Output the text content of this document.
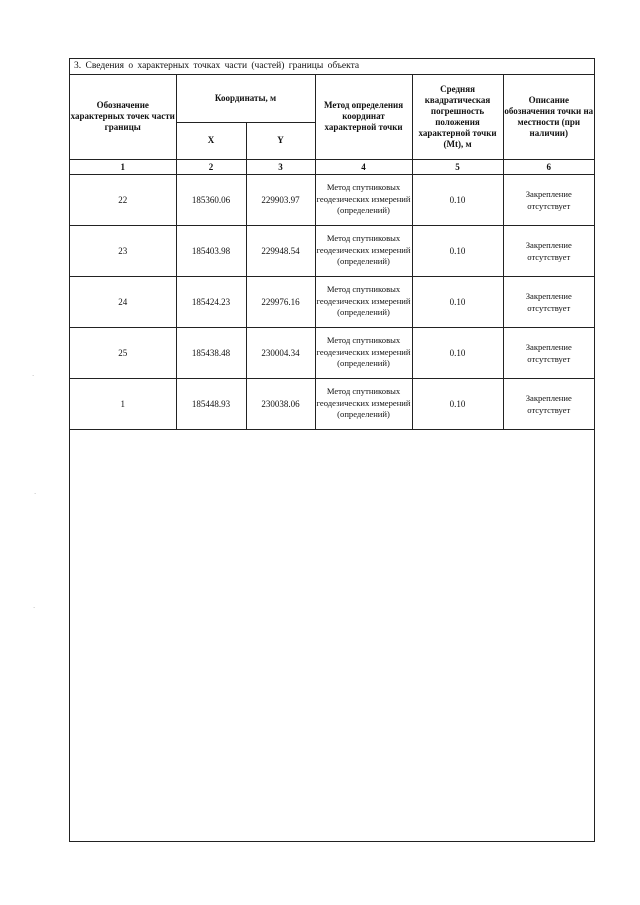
3. Сведения о характерных точках части (частей) границы объекта
Обозначение характерных точек части границы	Координаты, м		Метод определения координат характерной точки	Средняя квадратическая погрешность положения характерной точки (Mt), м	Описание обозначения точки на местности (при наличии)
	X	Y			
1	2	3	4	5	6
22	185360.06	229903.97	Метод спутниковых геодезических измерений (определений)	0.10	Закрепление отсутствует
23	185403.98	229948.54	Метод спутниковых геодезических измерений (определений)	0.10	Закрепление отсутствует
24	185424.23	229976.16	Метод спутниковых геодезических измерений (определений)	0.10	Закрепление отсутствует
25	185438.48	230004.34	Метод спутниковых геодезических измерений (определений)	0.10	Закрепление отсутствует
1	185448.93	230038.06	Метод спутниковых геодезических измерений (определений)	0.10	Закрепление отсутствует
·
·
·
